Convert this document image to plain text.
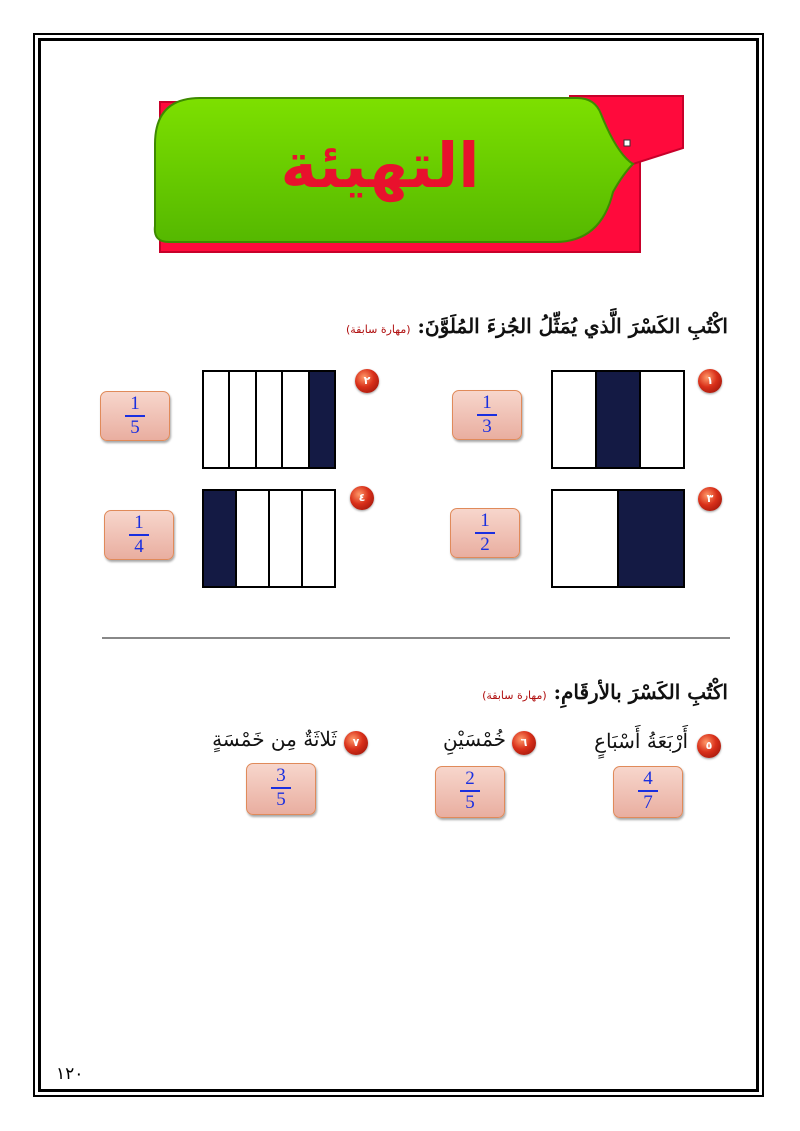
التهيئة
اكْتُبِ الكَسْرَ الَّذي يُمَثِّلُ الجُزءَ المُلَوَّنَ: (مهارة سابقة)
١
1
3
٢
1
5
٣
1
2
٤
1
4
اكْتُبِ الكَسْرَ بالأرقَامِ: (مهارة سابقة)
٥
أَرْبَعَةُ أَسْبَاعٍ
4
7
٦
خُمْسَيْنِ
2
5
٧
ثَلاثَةٌ مِن خَمْسَةٍ
3
5
١٢٠
